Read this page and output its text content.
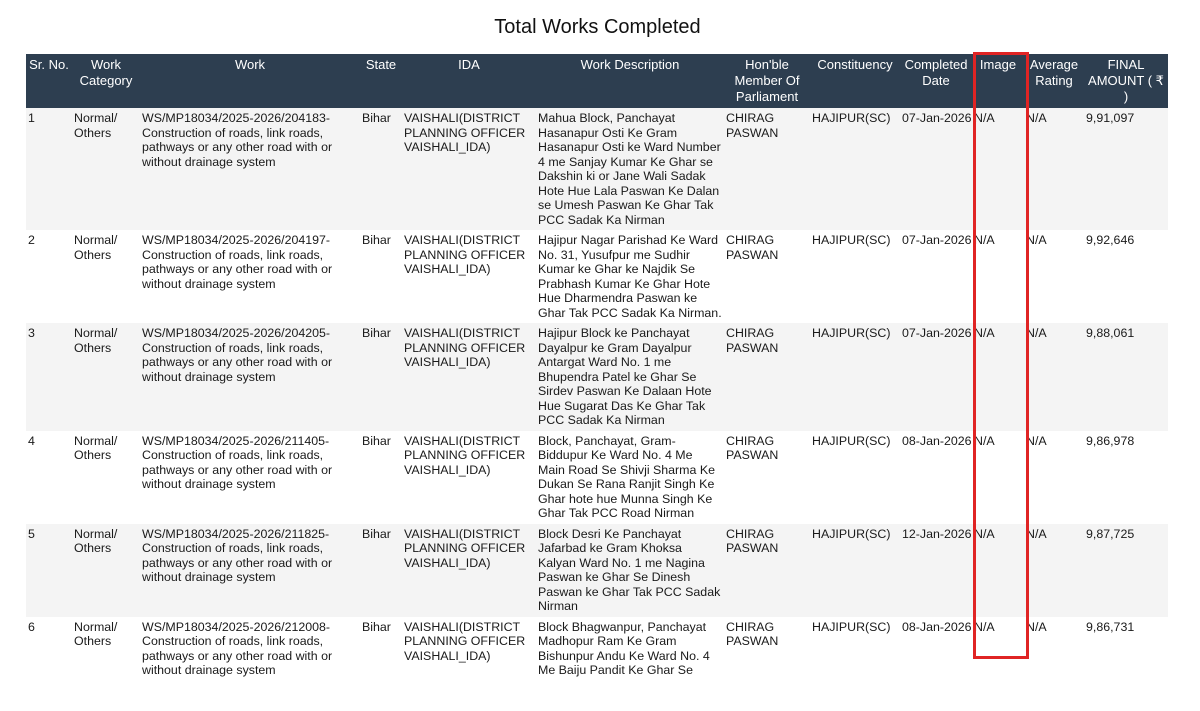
Total Works Completed
Sr. No.	Work Category	Work	State	IDA	Work Description	Hon'ble Member Of Parliament	Constituency	Completed Date	Image	Average Rating	FINAL AMOUNT ( ₹ )
1	Normal/ Others	WS/MP18034/2025-2026/204183-Construction of roads, link roads, pathways or any other road with or without drainage system	Bihar	VAISHALI(DISTRICT PLANNING OFFICER VAISHALI_IDA)	Mahua Block, Panchayat Hasanapur Osti Ke Gram Hasanapur Osti ke Ward Number 4 me Sanjay Kumar Ke Ghar se Dakshin ki or Jane Wali Sadak Hote Hue Lala Paswan Ke Dalan se Umesh Paswan Ke Ghar Tak PCC Sadak Ka Nirman	CHIRAG PASWAN	HAJIPUR(SC)	07-Jan-2026	N/A	N/A	9,91,097
2	Normal/ Others	WS/MP18034/2025-2026/204197-Construction of roads, link roads, pathways or any other road with or without drainage system	Bihar	VAISHALI(DISTRICT PLANNING OFFICER VAISHALI_IDA)	Hajipur Nagar Parishad Ke Ward No. 31, Yusufpur me Sudhir Kumar ke Ghar ke Najdik Se Prabhash Kumar Ke Ghar Hote Hue Dharmendra Paswan ke Ghar Tak PCC Sadak Ka Nirman.	CHIRAG PASWAN	HAJIPUR(SC)	07-Jan-2026	N/A	N/A	9,92,646
3	Normal/ Others	WS/MP18034/2025-2026/204205-Construction of roads, link roads, pathways or any other road with or without drainage system	Bihar	VAISHALI(DISTRICT PLANNING OFFICER VAISHALI_IDA)	Hajipur Block ke Panchayat Dayalpur ke Gram Dayalpur Antargat Ward No. 1 me Bhupendra Patel ke Ghar Se Sirdev Paswan Ke Dalaan Hote Hue Sugarat Das Ke Ghar Tak PCC Sadak Ka Nirman	CHIRAG PASWAN	HAJIPUR(SC)	07-Jan-2026	N/A	N/A	9,88,061
4	Normal/ Others	WS/MP18034/2025-2026/211405-Construction of roads, link roads, pathways or any other road with or without drainage system	Bihar	VAISHALI(DISTRICT PLANNING OFFICER VAISHALI_IDA)	Block, Panchayat, Gram-Biddupur Ke Ward No. 4 Me Main Road Se Shivji Sharma Ke Dukan Se Rana Ranjit Singh Ke Ghar hote hue Munna Singh Ke Ghar Tak PCC Road Nirman	CHIRAG PASWAN	HAJIPUR(SC)	08-Jan-2026	N/A	N/A	9,86,978
5	Normal/ Others	WS/MP18034/2025-2026/211825-Construction of roads, link roads, pathways or any other road with or without drainage system	Bihar	VAISHALI(DISTRICT PLANNING OFFICER VAISHALI_IDA)	Block Desri Ke Panchayat Jafarbad ke Gram Khoksa Kalyan Ward No. 1 me Nagina Paswan ke Ghar Se Dinesh Paswan ke Ghar Tak PCC Sadak Nirman	CHIRAG PASWAN	HAJIPUR(SC)	12-Jan-2026	N/A	N/A	9,87,725
6	Normal/ Others	WS/MP18034/2025-2026/212008-Construction of roads, link roads, pathways or any other road with or without drainage system	Bihar	VAISHALI(DISTRICT PLANNING OFFICER VAISHALI_IDA)	Block Bhagwanpur, Panchayat Madhopur Ram Ke Gram Bishunpur Andu Ke Ward No. 4 Me Baiju Pandit Ke Ghar Se	CHIRAG PASWAN	HAJIPUR(SC)	08-Jan-2026	N/A	N/A	9,86,731
